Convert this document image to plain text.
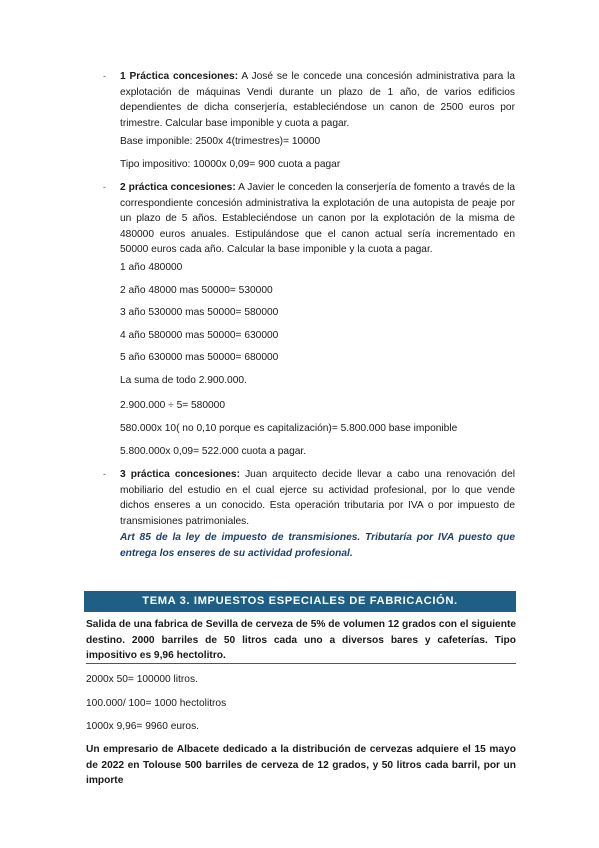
- 1 Práctica concesiones: A José se le concede una concesión administrativa para la explotación de máquinas Vendi durante un plazo de 1 año, de varios edificios dependientes de dicha conserjería, estableciéndose un canon de 2500 euros por trimestre. Calcular base imponible y cuota a pagar.
Base imponible: 2500x 4(trimestres)= 10000
Tipo impositivo: 10000x 0,09= 900 cuota a pagar
- 2 práctica concesiones: A Javier le conceden la conserjería de fomento a través de la correspondiente concesión administrativa la explotación de una autopista de peaje por un plazo de 5 años. Estableciéndose un canon por la explotación de la misma de 480000 euros anuales. Estipulándose que el canon actual sería incrementado en 50000 euros cada año. Calcular la base imponible y la cuota a pagar.
1 año 480000
2 año 48000 mas 50000= 530000
3 año 530000 mas 50000= 580000
4 año 580000 mas 50000= 630000
5 año 630000 mas 50000= 680000
La suma de todo 2.900.000.
2.900.000 ÷ 5= 580000
580.000x 10( no 0,10 porque es capitalización)= 5.800.000 base imponible
5.800.000x 0,09= 522.000 cuota a pagar.
- 3 práctica concesiones: Juan arquitecto decide llevar a cabo una renovación del mobiliario del estudio en el cual ejerce su actividad profesional, por lo que vende dichos enseres a un conocido. Esta operación tributaria por IVA o por impuesto de transmisiones patrimoniales.
Art 85 de la ley de impuesto de transmisiones. Tributaría por IVA puesto que entrega los enseres de su actividad profesional.
TEMA 3. IMPUESTOS ESPECIALES DE FABRICACIÓN.
Salida de una fabrica de Sevilla de cerveza de 5% de volumen 12 grados con el siguiente destino. 2000 barriles de 50 litros cada uno a diversos bares y cafeterías. Tipo impositivo es 9,96 hectolitro.
2000x 50= 100000 litros.
100.000/ 100= 1000 hectolitros
1000x 9,96= 9960 euros.
Un empresario de Albacete dedicado a la distribución de cervezas adquiere el 15 mayo de 2022 en Tolouse 500 barriles de cerveza de 12 grados, y 50 litros cada barril, por un importe
